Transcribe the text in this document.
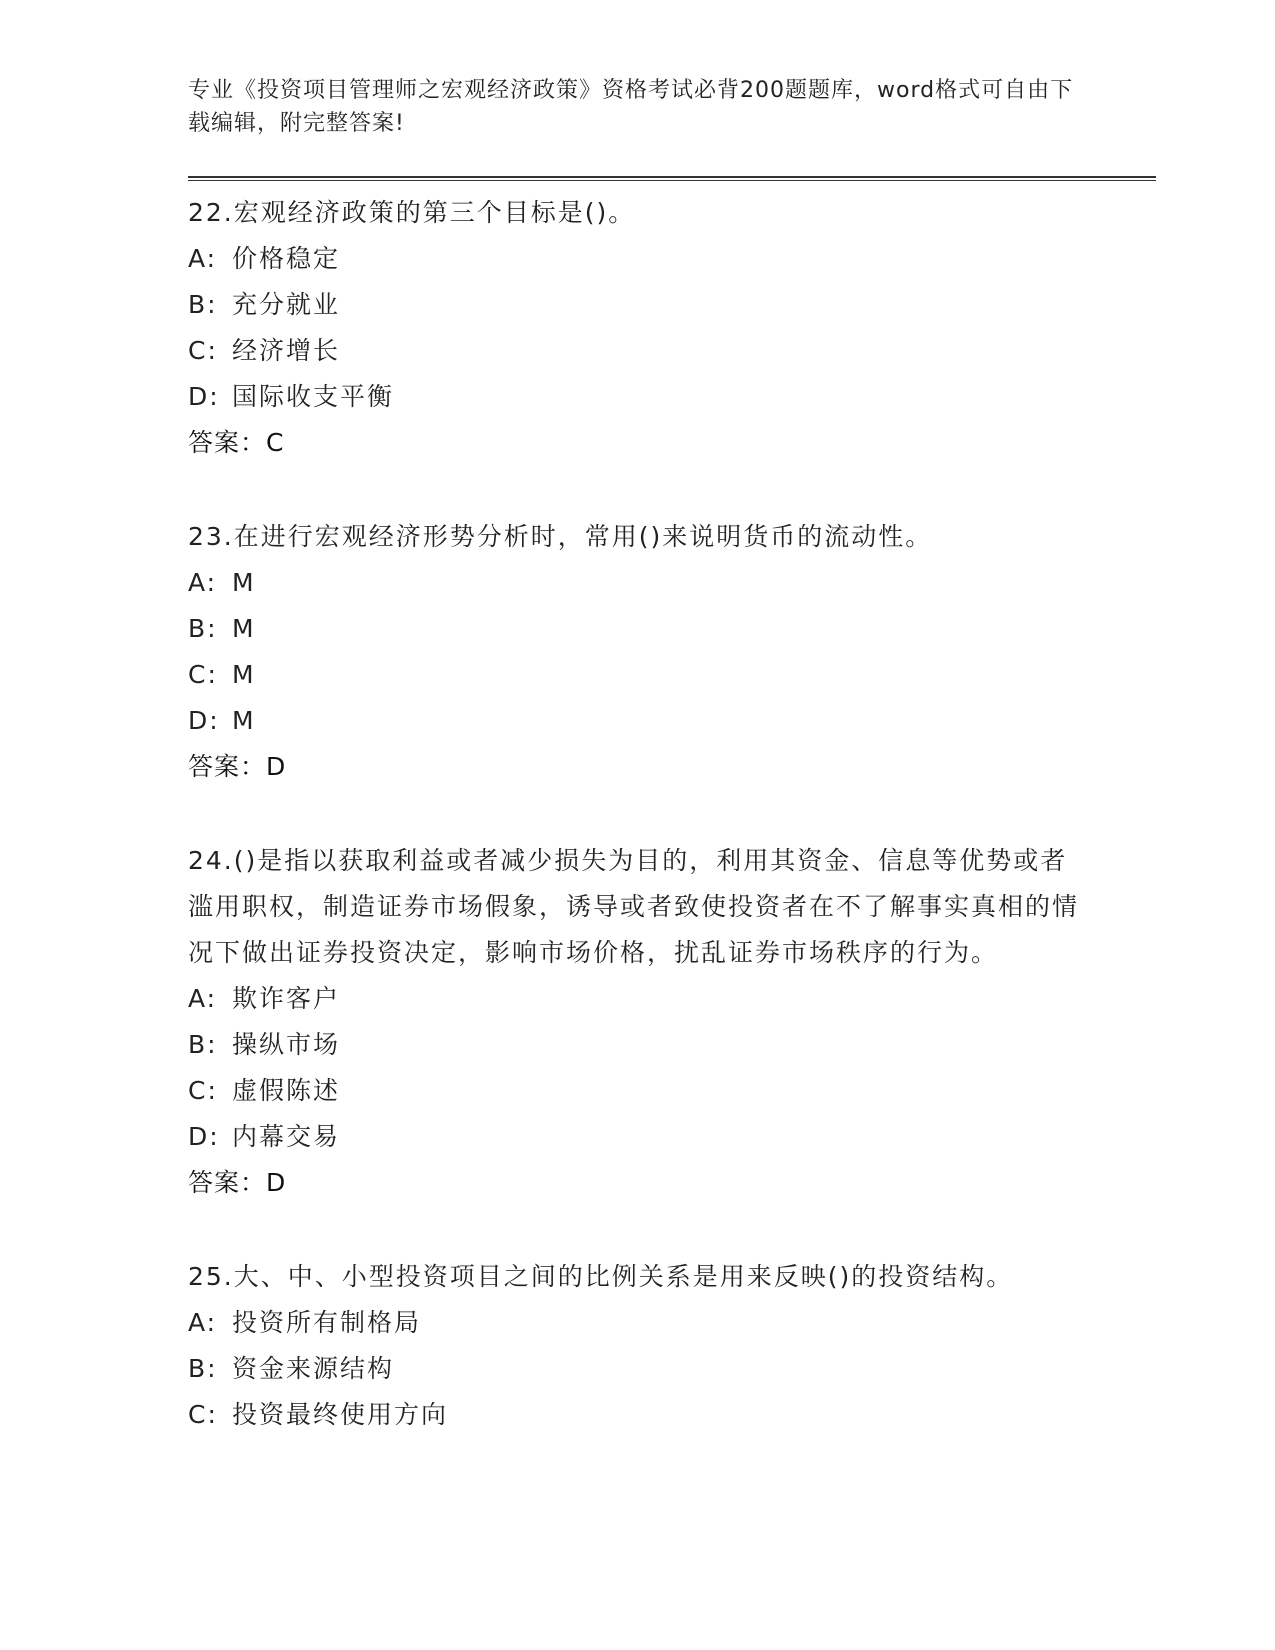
专业《投资项目管理师之宏观经济政策》资格考试必背200题题库，word格式可自由下载编辑，附完整答案!

22.宏观经济政策的第三个目标是()。

A: 价格稳定

B: 充分就业

C: 经济增长

D: 国际收支平衡

答案：C

23.在进行宏观经济形势分析时，常用()来说明货币的流动性。

A: M

B: M

C: M

D: M

答案：D

24.()是指以获取利益或者减少损失为目的，利用其资金、信息等优势或者滥用职权，制造证券市场假象，诱导或者致使投资者在不了解事实真相的情况下做出证券投资决定，影响市场价格，扰乱证券市场秩序的行为。

A: 欺诈客户

B: 操纵市场

C: 虚假陈述

D: 内幕交易

答案：D

25.大、中、小型投资项目之间的比例关系是用来反映()的投资结构。

A: 投资所有制格局

B: 资金来源结构

C: 投资最终使用方向
